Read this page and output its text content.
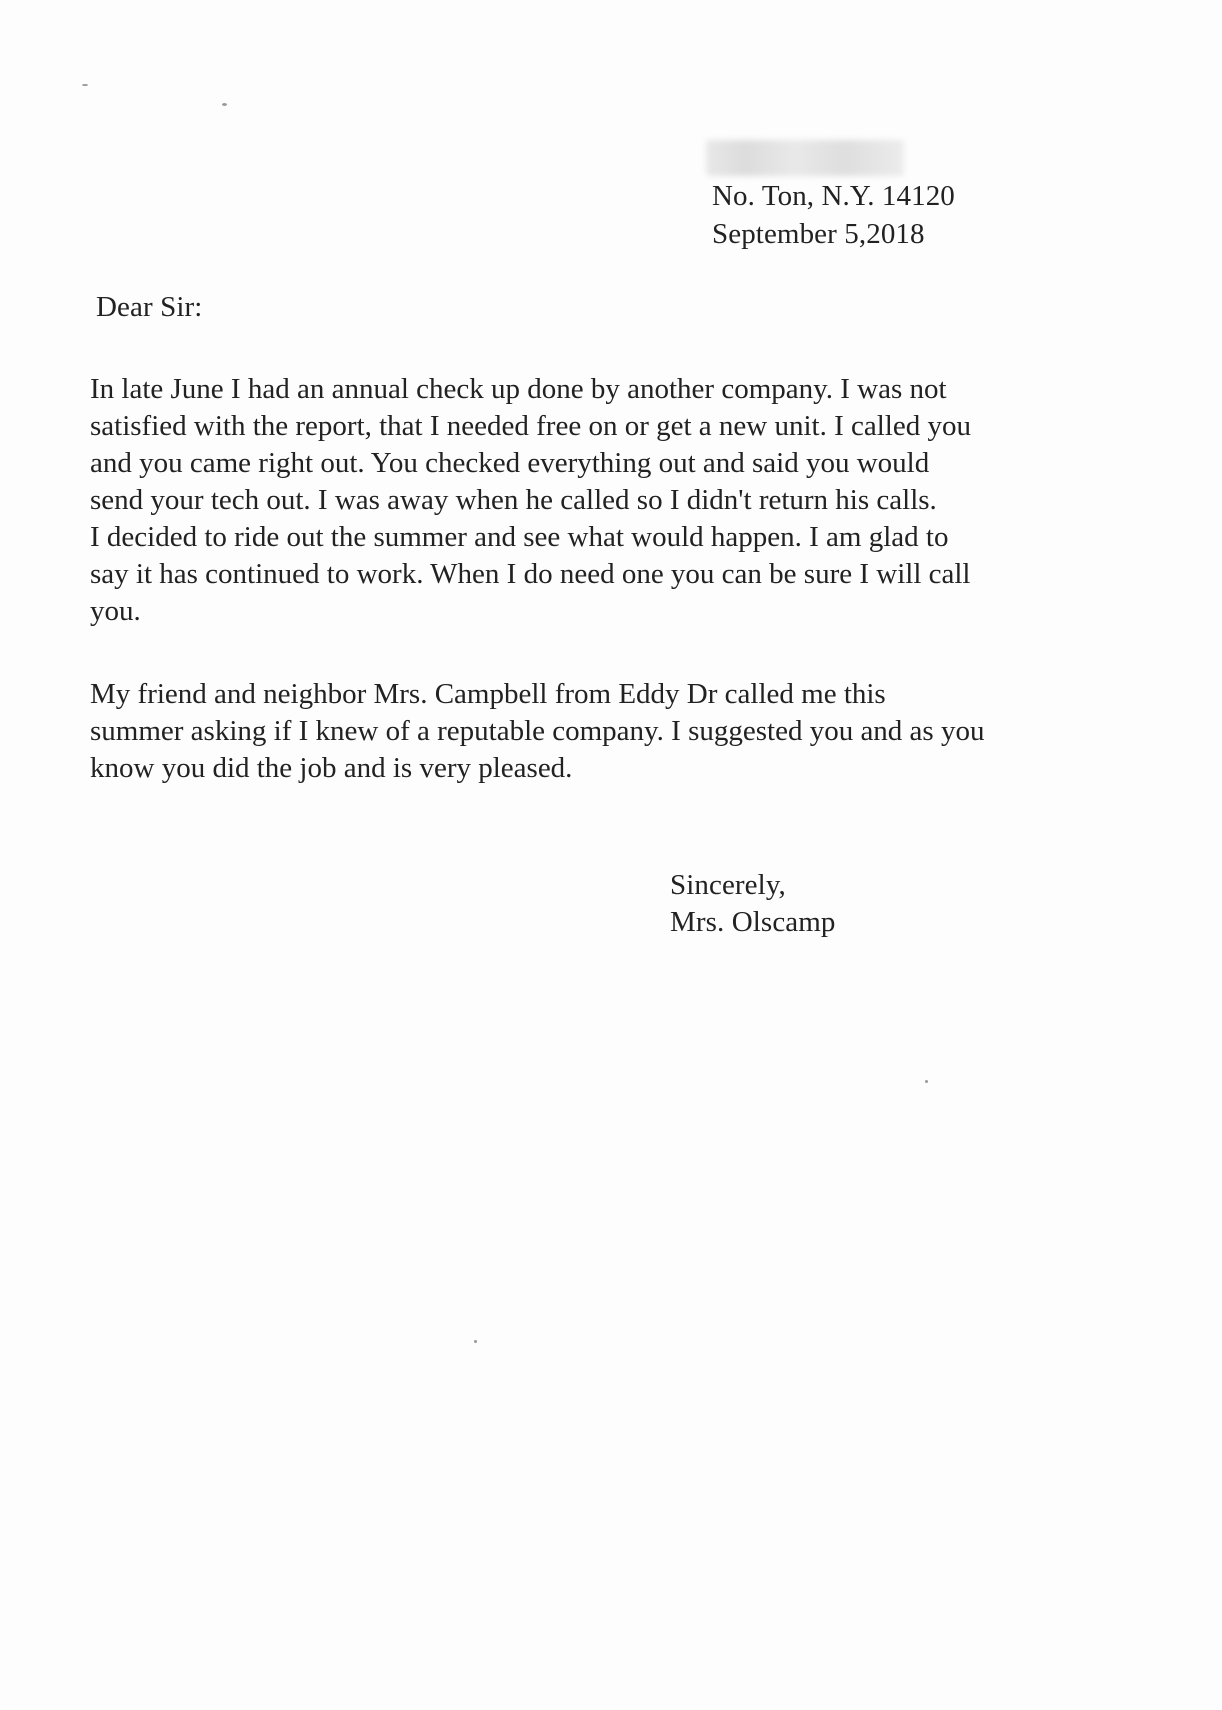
No. Ton, N.Y. 14120
September 5,2018
Dear Sir:
In late June I had an annual check up done by another company. I was not
satisfied with the report, that I needed free on or get a new unit. I called you
and you came right out. You checked everything out and said you would
send your tech out. I was away when he called so I didn't return his calls.
I decided to ride out the summer and see what would happen. I am glad to
say it has continued to work. When I do need one you can be sure I will call
you.
My friend and neighbor Mrs. Campbell from Eddy Dr called me this
summer asking if I knew of a reputable company. I suggested you and as you
know you did the job and is very pleased.
Sincerely,
Mrs. Olscamp
